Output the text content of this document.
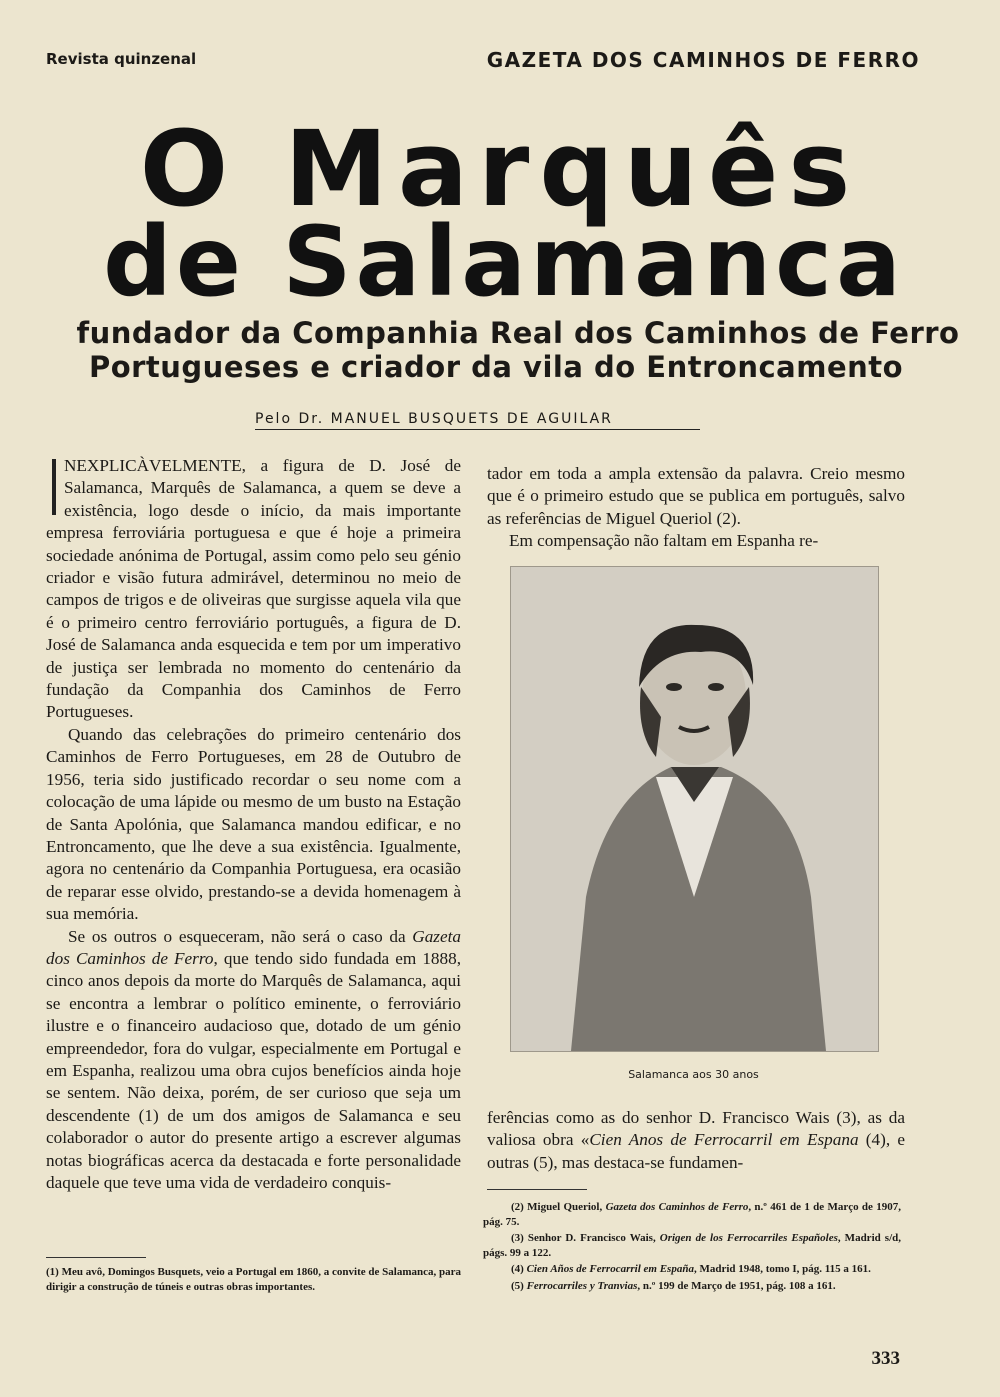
Revista quinzenal	GAZETA DOS CAMINHOS DE FERRO
O Marquês
de Salamanca
fundador da Companhia Real dos Caminhos de Ferro
Portugueses e criador da vila do Entroncamento
Pelo Dr. MANUEL BUSQUETS DE AGUILAR

NEXPLICÀVELMENTE, a figura de D. José de Salamanca, Marquês de Salamanca, a quem se deve a existência, logo desde o início, da mais importante empresa ferroviária portuguesa e que é hoje a primeira sociedade anónima de Portugal, assim como pelo seu génio criador e visão futura admirável, determinou no meio de campos de trigos e de oliveiras que surgisse aquela vila que é o primeiro centro ferroviário português, a figura de D. José de Salamanca anda esquecida e tem por um imperativo de justiça ser lembrada no momento do centenário da fundação da Companhia dos Caminhos de Ferro Portugueses.

Quando das celebrações do primeiro centenário dos Caminhos de Ferro Portugueses, em 28 de Outubro de 1956, teria sido justificado recordar o seu nome com a colocação de uma lápide ou mesmo de um busto na Estação de Santa Apolónia, que Salamanca mandou edificar, e no Entroncamento, que lhe deve a sua existência. Igualmente, agora no centenário da Companhia Portuguesa, era ocasião de reparar esse olvido, prestando-se a devida homenagem à sua memória.

Se os outros o esqueceram, não será o caso da Gazeta dos Caminhos de Ferro, que tendo sido fundada em 1888, cinco anos depois da morte do Marquês de Salamanca, aqui se encontra a lembrar o político eminente, o ferroviário ilustre e o financeiro audacioso que, dotado de um génio empreendedor, fora do vulgar, especialmente em Portugal e em Espanha, realizou uma obra cujos benefícios ainda hoje se sentem. Não deixa, porém, de ser curioso que seja um descendente (1) de um dos amigos de Salamanca e seu colaborador o autor do presente artigo a escrever algumas notas biográficas acerca da destacada e forte personalidade daquele que teve uma vida de verdadeiro conquis-

tador em toda a ampla extensão da palavra. Creio mesmo que é o primeiro estudo que se publica em português, salvo as referências de Miguel Queriol (2).

Em compensação não faltam em Espanha re-

Salamanca aos 30 anos

ferências como as do senhor D. Francisco Wais (3), as da valiosa obra «Cien Anos de Ferrocarril em Espana (4), e outras (5), mas destaca-se fundamen-

(1) Meu avô, Domingos Busquets, veio a Portugal em 1860, a convite de Salamanca, para dirigir a construção de túneis e outras obras importantes.

(2) Miguel Queriol, Gazeta dos Caminhos de Ferro, n.º 461 de 1 de Março de 1907, pág. 75.

(3) Senhor D. Francisco Wais, Origen de los Ferrocarriles Españoles, Madrid s/d, págs. 99 a 122.

(4) Cien Años de Ferrocarril em España, Madrid 1948, tomo I, pág. 115 a 161.

(5) Ferrocarriles y Tranvias, n.º 199 de Março de 1951, pág. 108 a 161.

333
